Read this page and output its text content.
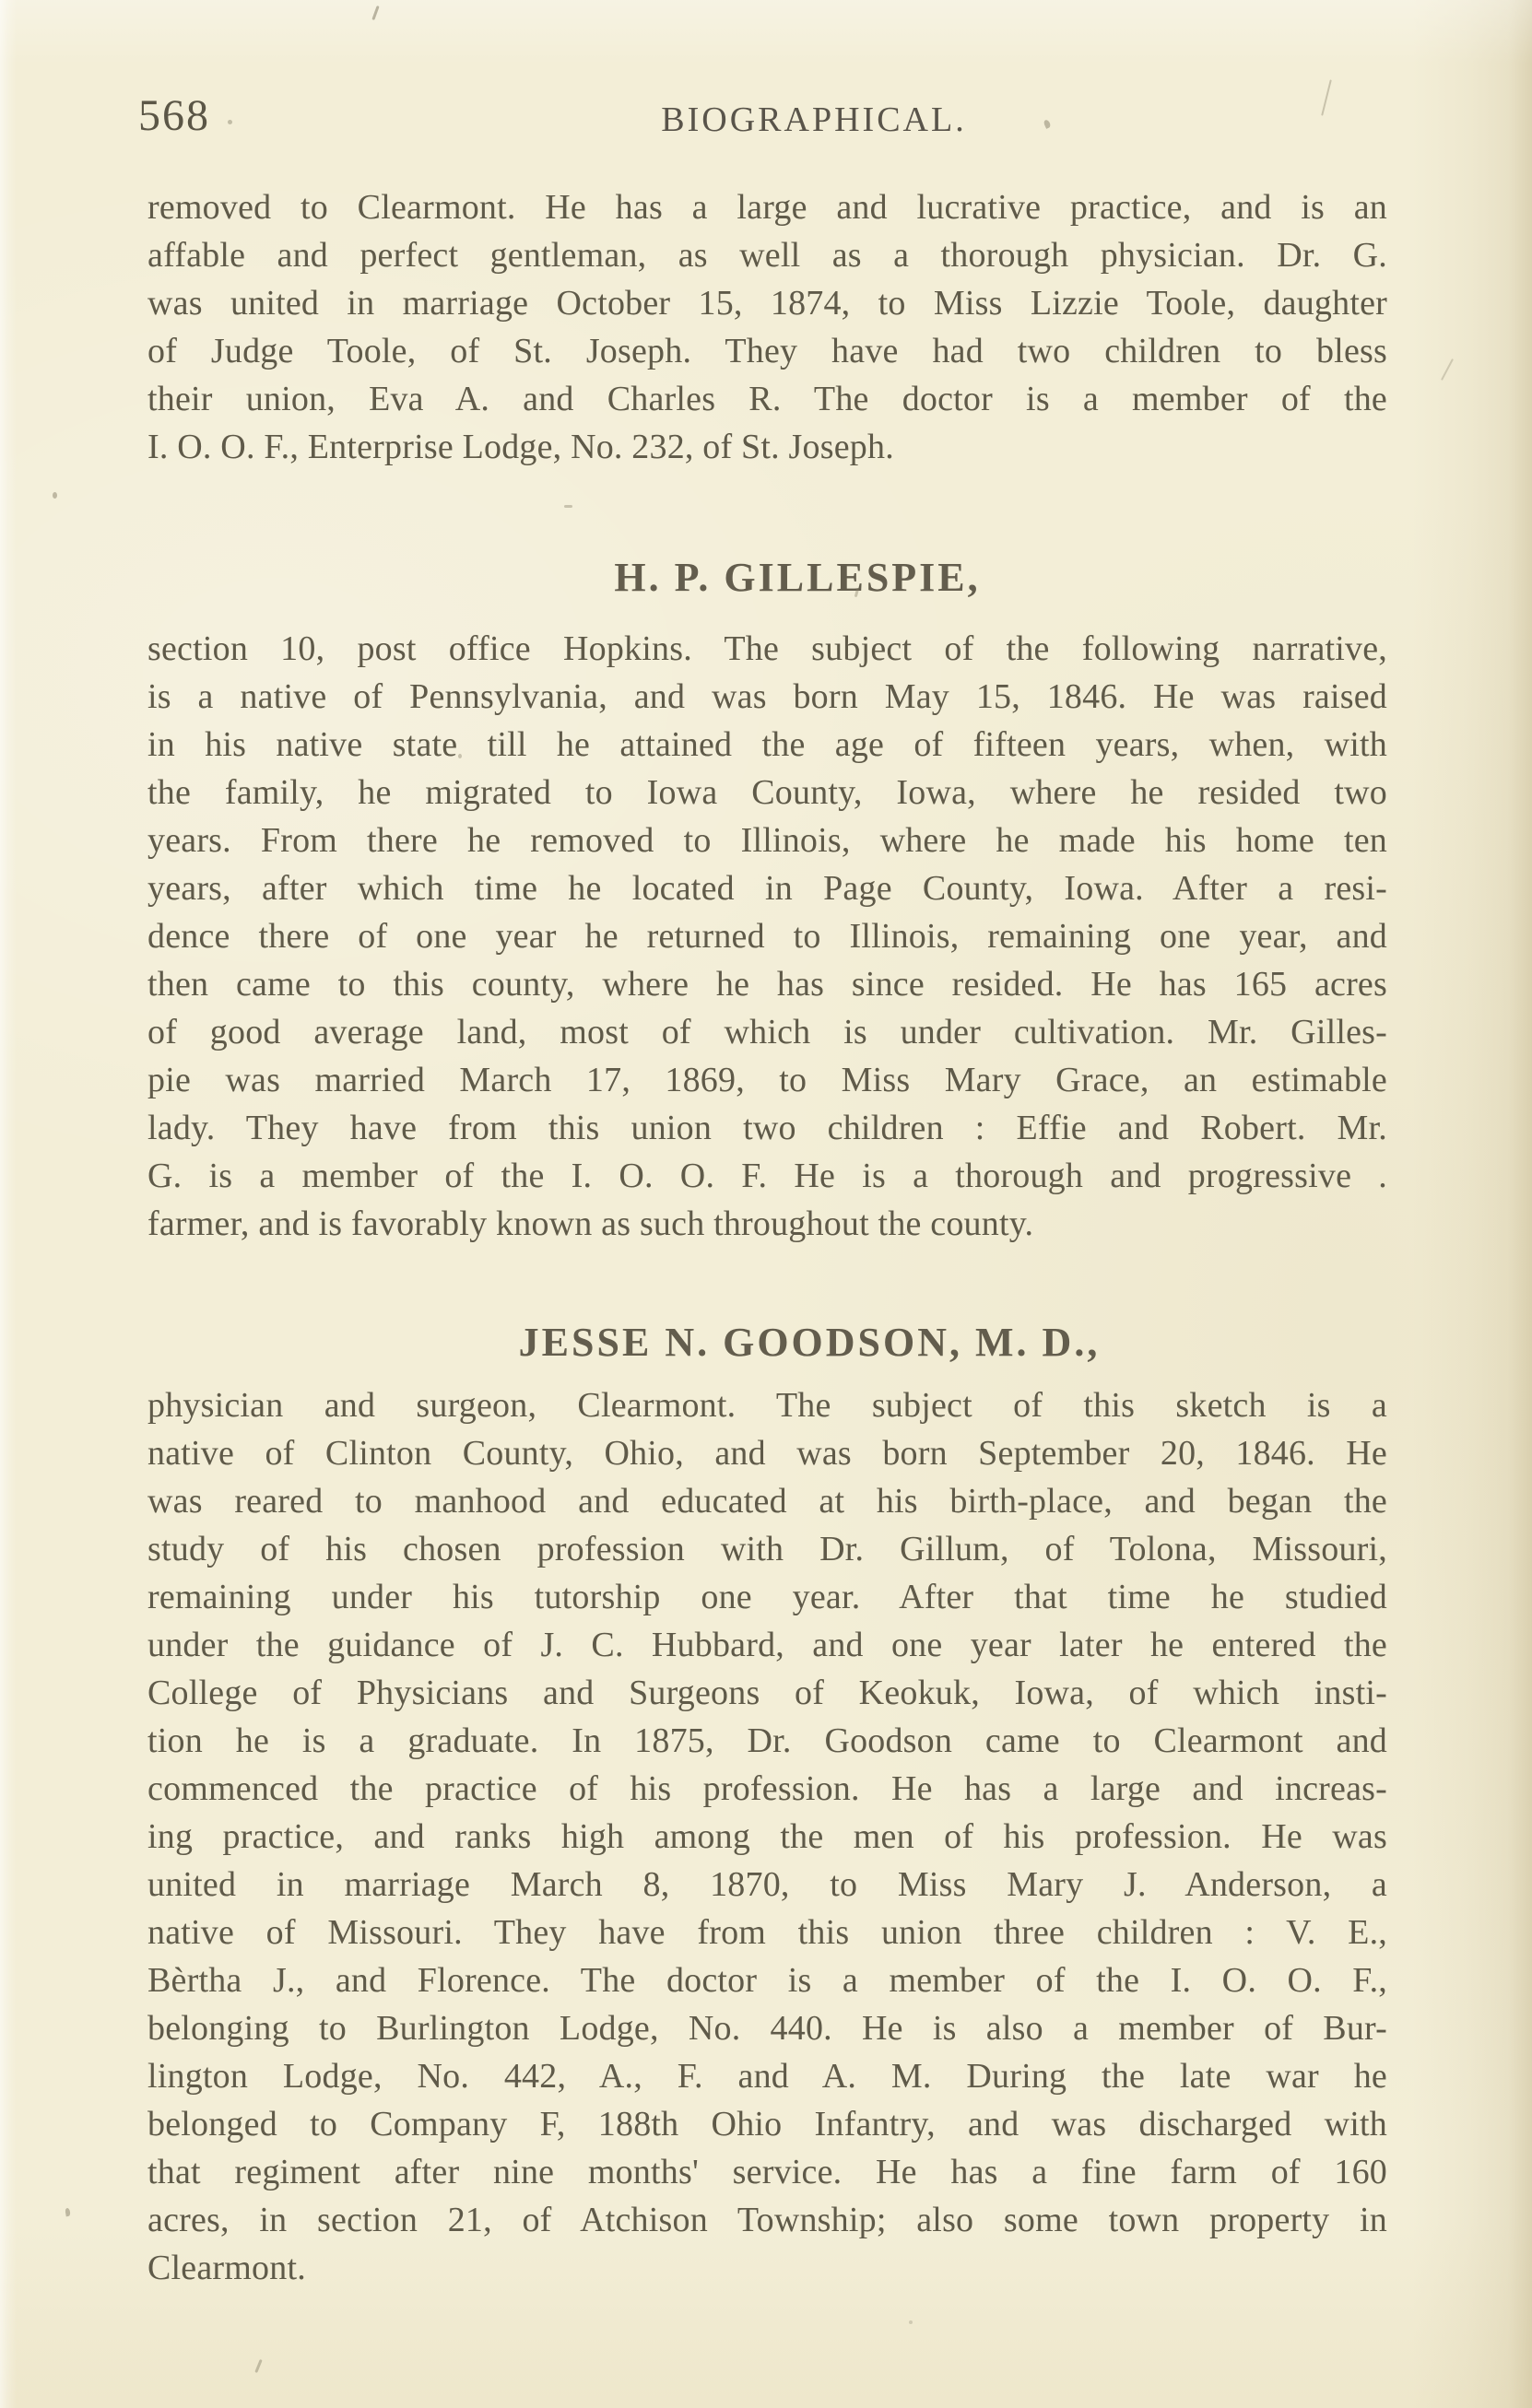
568	BIOGRAPHICAL.
removed to Clearmont. He has a large and lucrative practice, and is an
affable and perfect gentleman, as well as a thorough physician. Dr. G.
was united in marriage October 15, 1874, to Miss Lizzie Toole, daughter
of Judge Toole, of St. Joseph. They have had two children to bless
their union, Eva A. and Charles R. The doctor is a member of the
I. O. O. F., Enterprise Lodge, No. 232, of St. Joseph.
H. P. GILLESPIE,
section 10, post office Hopkins. The subject of the following narrative,
is a native of Pennsylvania, and was born May 15, 1846. He was raised
in his native state till he attained the age of fifteen years, when, with
the family, he migrated to Iowa County, Iowa, where he resided two
years. From there he removed to Illinois, where he made his home ten
years, after which time he located in Page County, Iowa. After a resi-
dence there of one year he returned to Illinois, remaining one year, and
then came to this county, where he has since resided. He has 165 acres
of good average land, most of which is under cultivation. Mr. Gilles-
pie was married March 17, 1869, to Miss Mary Grace, an estimable
lady. They have from this union two children : Effie and Robert. Mr.
G. is a member of the I. O. O. F. He is a thorough and progressive .
farmer, and is favorably known as such throughout the county.
JESSE N. GOODSON, M. D.,
physician and surgeon, Clearmont. The subject of this sketch is a
native of Clinton County, Ohio, and was born September 20, 1846. He
was reared to manhood and educated at his birth-place, and began the
study of his chosen profession with Dr. Gillum, of Tolona, Missouri,
remaining under his tutorship one year. After that time he studied
under the guidance of J. C. Hubbard, and one year later he entered the
College of Physicians and Surgeons of Keokuk, Iowa, of which insti-
tion he is a graduate. In 1875, Dr. Goodson came to Clearmont and
commenced the practice of his profession. He has a large and increas-
ing practice, and ranks high among the men of his profession. He was
united in marriage March 8, 1870, to Miss Mary J. Anderson, a
native of Missouri. They have from this union three children : V. E.,
Bèrtha J., and Florence. The doctor is a member of the I. O. O. F.,
belonging to Burlington Lodge, No. 440. He is also a member of Bur-
lington Lodge, No. 442, A., F. and A. M. During the late war he
belonged to Company F, 188th Ohio Infantry, and was discharged with
that regiment after nine months' service. He has a fine farm of 160
acres, in section 21, of Atchison Township; also some town property in
Clearmont.
